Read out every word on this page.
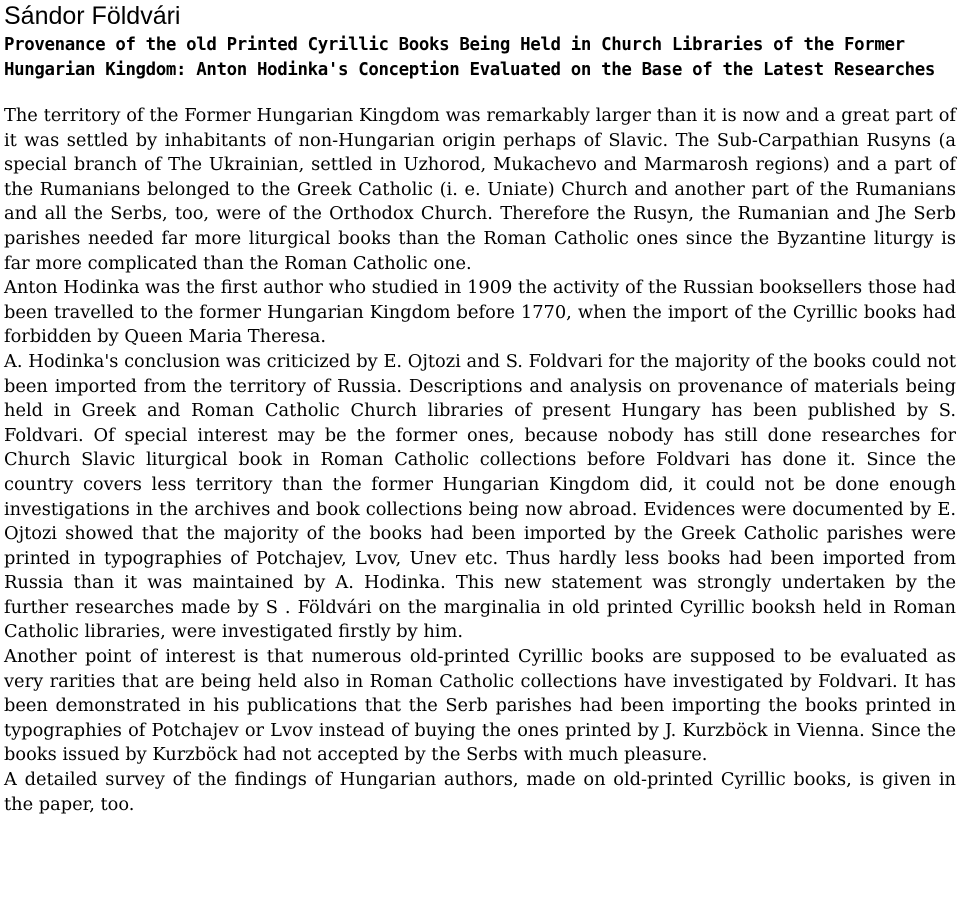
Sándor Földvári
Provenance of the old Printed Cyrillic Books Being Held in Church Libraries of the Former Hungarian Kingdom: Anton Hodinka's Conception Evaluated on the Base of the Latest Researches

The territory of the Former Hungarian Kingdom was remarkably larger than it is now and a great part of it was settled by inhabitants of non-Hungarian origin perhaps of Slavic. The Sub-Carpathian Rusyns (a special branch of The Ukrainian, settled in Uzhorod, Mukachevo and Marmarosh regions) and a part of the Rumanians belonged to the Greek Catholic (i. e. Uniate) Church and another part of the Rumanians and all the Serbs, too, were of the Orthodox Church. Therefore the Rusyn, the Rumanian and Jhe Serb parishes needed far more liturgical books than the Roman Catholic ones since the Byzantine liturgy is far more complicated than the Roman Catholic one.

Anton Hodinka was the first author who studied in 1909 the activity of the Russian booksellers those had been travelled to the former Hungarian Kingdom before 1770, when the import of the Cyrillic books had forbidden by Queen Maria Theresa.

A. Hodinka's conclusion was criticized by E. Ojtozi and S. Foldvari for the majority of the books could not been imported from the territory of Russia. Descriptions and analysis on provenance of materials being held in Greek and Roman Catholic Church libraries of present Hungary has been published by S. Foldvari. Of special interest may be the former ones, because nobody has still done researches for Church Slavic liturgical book in Roman Catholic collections before Foldvari has done it. Since the country covers less territory than the former Hungarian Kingdom did, it could not be done enough investigations in the archives and book collections being now abroad. Evidences were documented by E. Ojtozi showed that the majority of the books had been imported by the Greek Catholic parishes were printed in typographies of Potchajev, Lvov, Unev etc. Thus hardly less books had been imported from Russia than it was maintained by A. Hodinka. This new statement was strongly undertaken by the further researches made by S . Földvári on the marginalia in old printed Cyrillic booksh held in Roman Catholic libraries, were investigated firstly by him.

Another point of interest is that numerous old-printed Cyrillic books are supposed to be evaluated as very rarities that are being held also in Roman Catholic collections have investigated by Foldvari. It has been demonstrated in his publications that the Serb parishes had been importing the books printed in typographies of Potchajev or Lvov instead of buying the ones printed by J. Kurzböck in Vienna. Since the books issued by Kurzböck had not accepted by the Serbs with much pleasure.

A detailed survey of the findings of Hungarian authors, made on old-printed Cyrillic books, is given in the paper, too.
